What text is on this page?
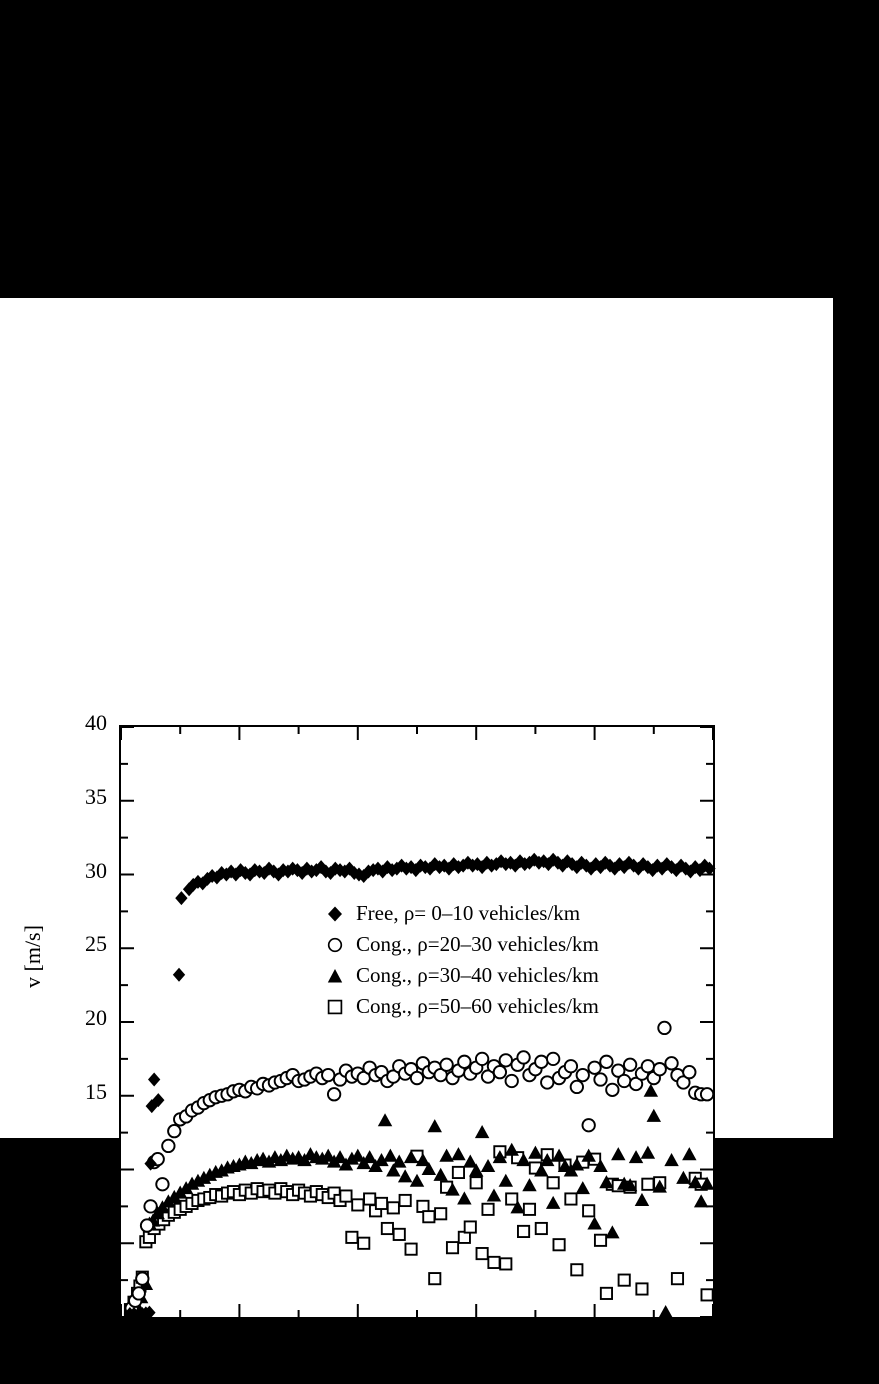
v [m/s]
d [m]
Free, ρ= 0–10 vehicles/km
Cong., ρ=20–30 vehicles/km
Cong., ρ=30–40 vehicles/km
Cong., ρ=50–60 vehicles/km
0
5
10
15
20
25
30
35
40
0	20	40	60	80	100
